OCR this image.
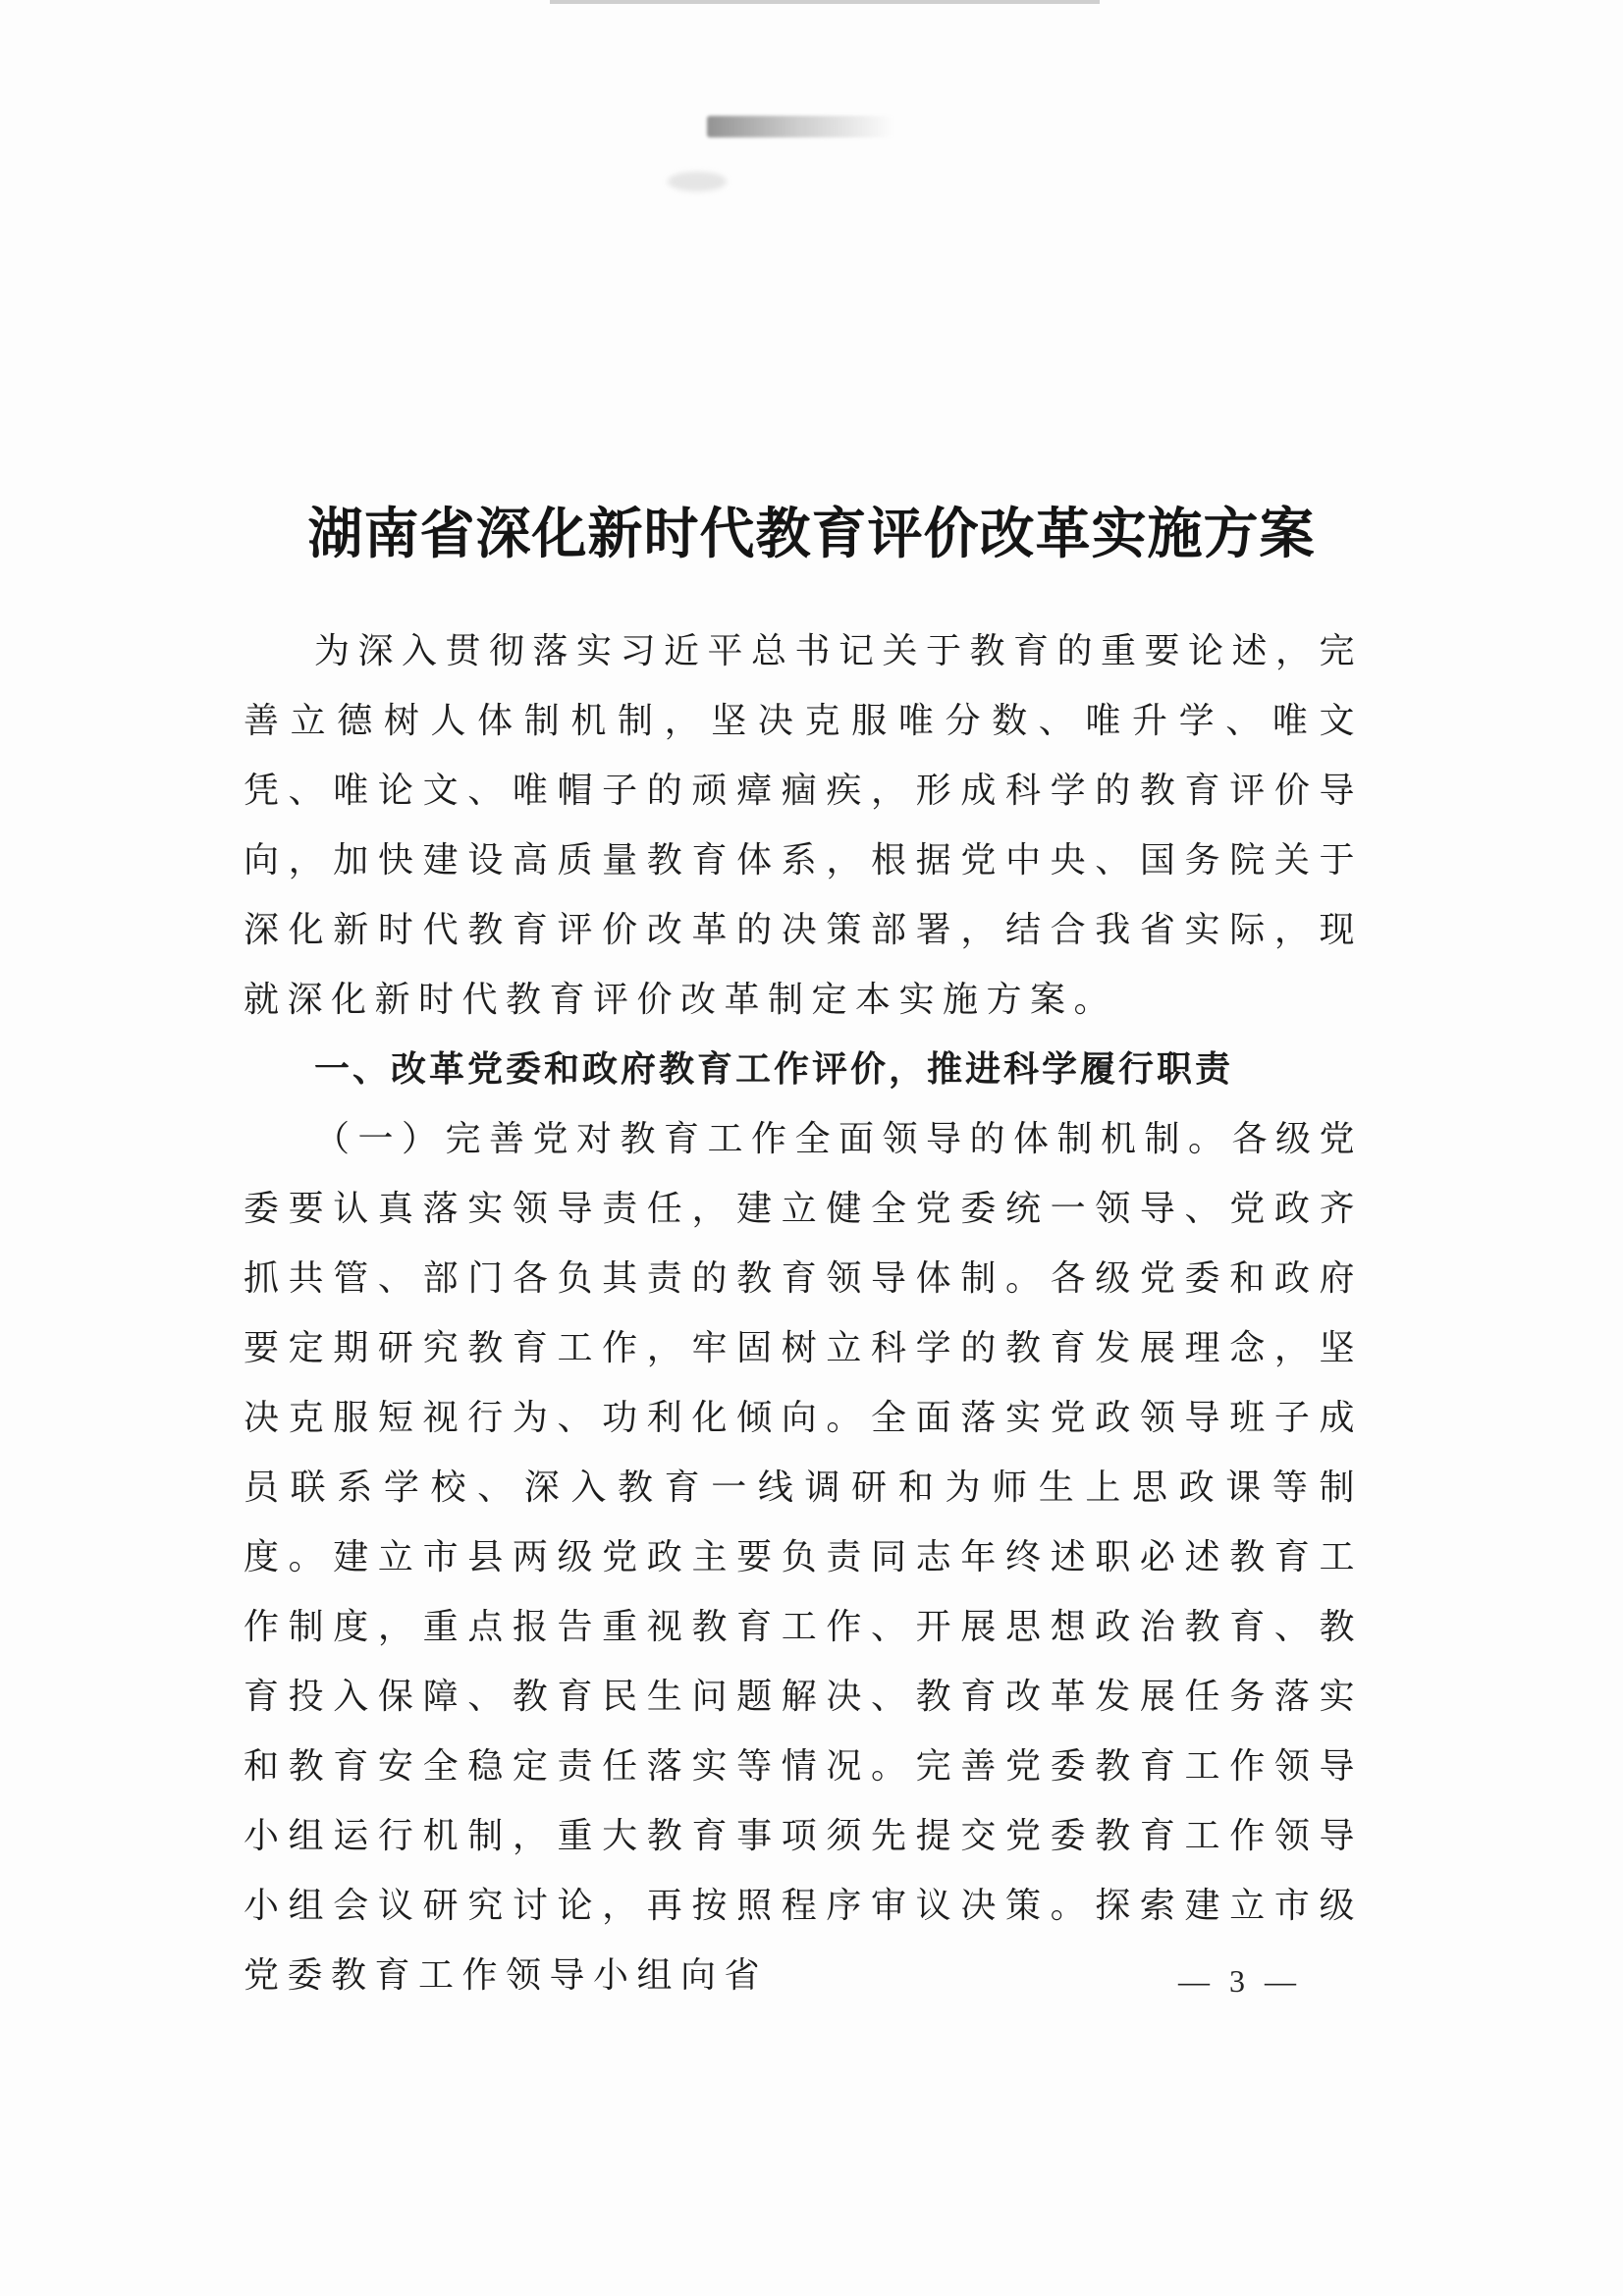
湖南省深化新时代教育评价改革实施方案

为深入贯彻落实习近平总书记关于教育的重要论述，完善立德树人体制机制，坚决克服唯分数、唯升学、唯文凭、唯论文、唯帽子的顽瘴痼疾，形成科学的教育评价导向，加快建设高质量教育体系，根据党中央、国务院关于深化新时代教育评价改革的决策部署，结合我省实际，现就深化新时代教育评价改革制定本实施方案。

一、改革党委和政府教育工作评价，推进科学履行职责

（一）完善党对教育工作全面领导的体制机制。各级党委要认真落实领导责任，建立健全党委统一领导、党政齐抓共管、部门各负其责的教育领导体制。各级党委和政府要定期研究教育工作，牢固树立科学的教育发展理念，坚决克服短视行为、功利化倾向。全面落实党政领导班子成员联系学校、深入教育一线调研和为师生上思政课等制度。建立市县两级党政主要负责同志年终述职必述教育工作制度，重点报告重视教育工作、开展思想政治教育、教育投入保障、教育民生问题解决、教育改革发展任务落实和教育安全稳定责任落实等情况。完善党委教育工作领导小组运行机制，重大教育事项须先提交党委教育工作领导小组会议研究讨论，再按照程序审议决策。探索建立市级党委教育工作领导小组向省	— 3 —
